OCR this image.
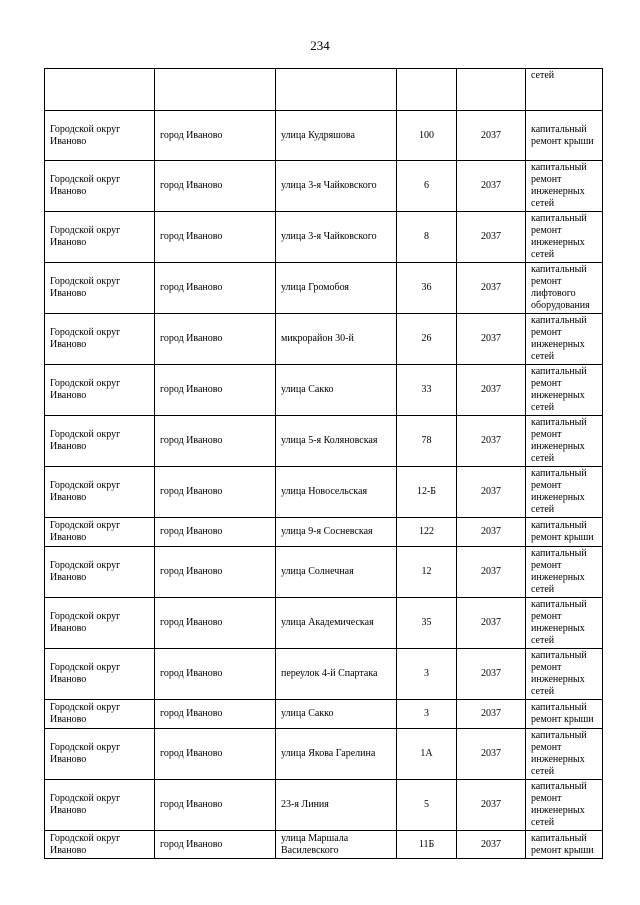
234
					сетей
Городской округ Иваново	город Иваново	улица Кудряшова	100	2037	капитальный ремонт крыши
Городской округ Иваново	город Иваново	улица 3-я Чайковского	6	2037	капитальный ремонт инженерных сетей
Городской округ Иваново	город Иваново	улица 3-я Чайковского	8	2037	капитальный ремонт инженерных сетей
Городской округ Иваново	город Иваново	улица Громобоя	36	2037	капитальный ремонт лифтового оборудования
Городской округ Иваново	город Иваново	микрорайон 30-й	26	2037	капитальный ремонт инженерных сетей
Городской округ Иваново	город Иваново	улица Сакко	33	2037	капитальный ремонт инженерных сетей
Городской округ Иваново	город Иваново	улица 5-я Коляновская	78	2037	капитальный ремонт инженерных сетей
Городской округ Иваново	город Иваново	улица Новосельская	12-Б	2037	капитальный ремонт инженерных сетей
Городской округ Иваново	город Иваново	улица 9-я Сосневская	122	2037	капитальный ремонт крыши
Городской округ Иваново	город Иваново	улица Солнечная	12	2037	капитальный ремонт инженерных сетей
Городской округ Иваново	город Иваново	улица Академическая	35	2037	капитальный ремонт инженерных сетей
Городской округ Иваново	город Иваново	переулок 4-й Спартака	3	2037	капитальный ремонт инженерных сетей
Городской округ Иваново	город Иваново	улица Сакко	3	2037	капитальный ремонт крыши
Городской округ Иваново	город Иваново	улица Якова Гарелина	1А	2037	капитальный ремонт инженерных сетей
Городской округ Иваново	город Иваново	23-я Линия	5	2037	капитальный ремонт инженерных сетей
Городской округ Иваново	город Иваново	улица Маршала Василевского	11Б	2037	капитальный ремонт крыши
